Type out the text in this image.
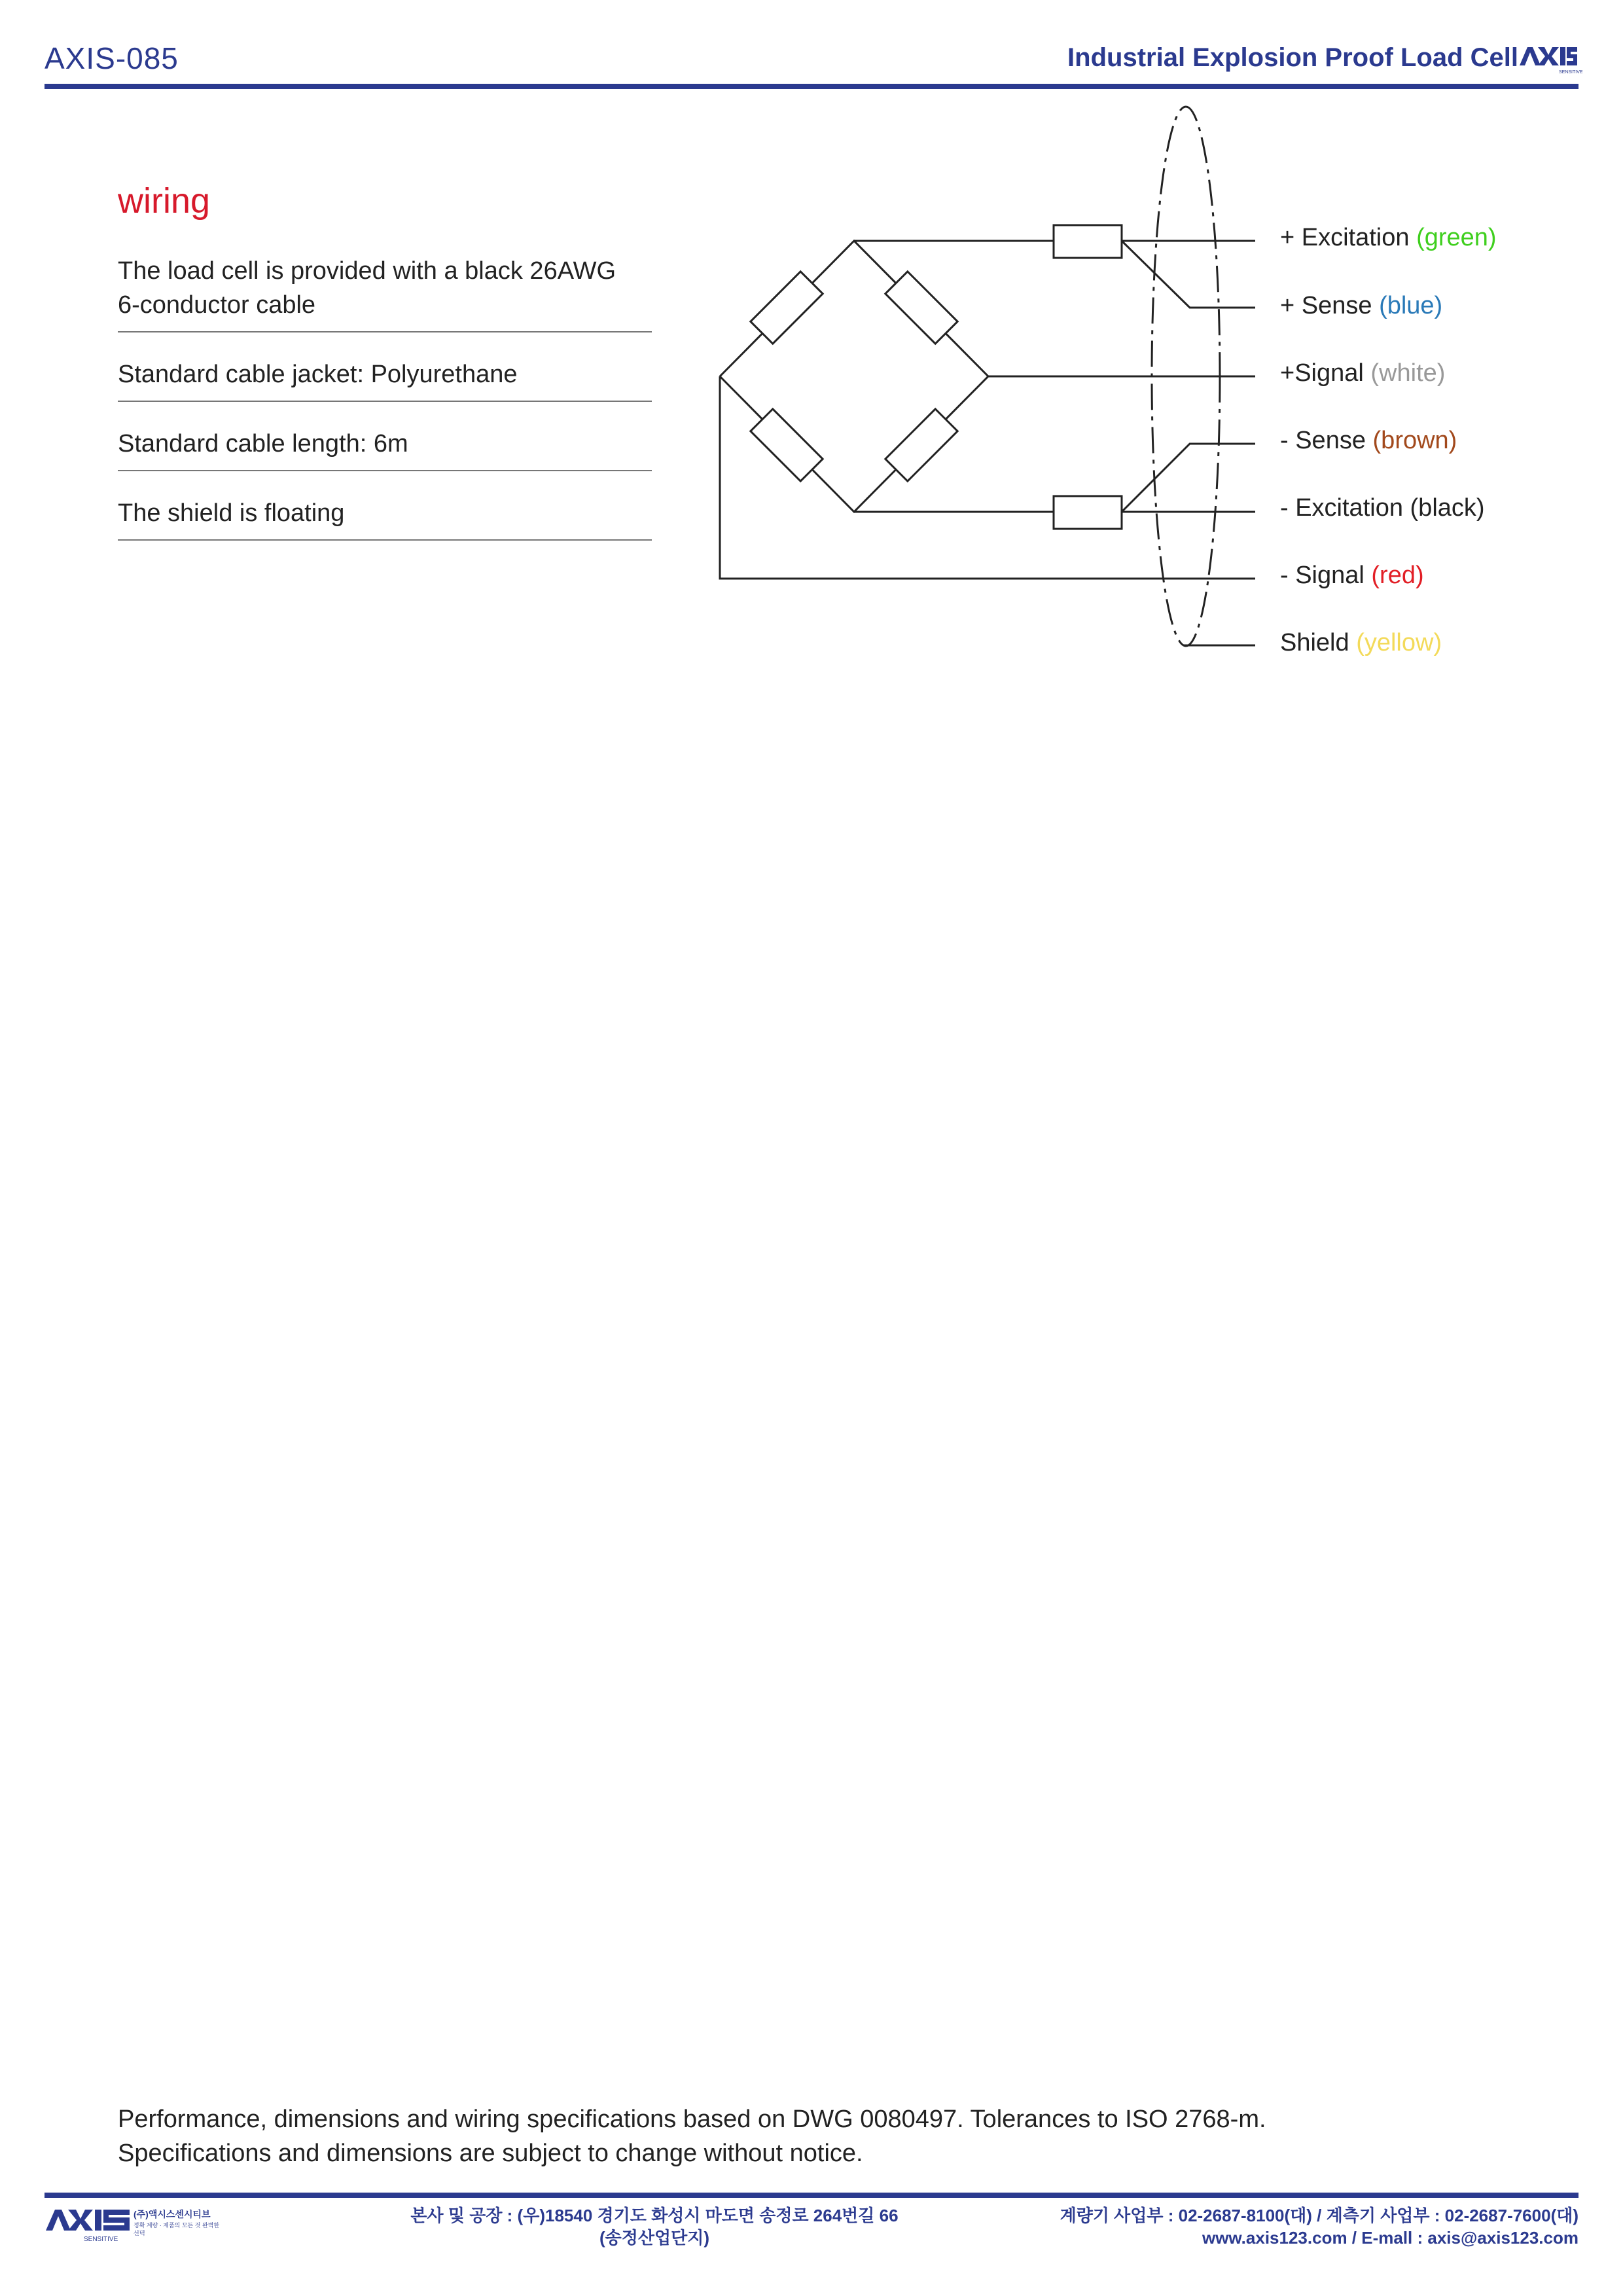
AXIS-085	Industrial Explosion Proof Load Cell
SENSITIVE
wiring
The load cell is provided with a black 26AWG
6-conductor cable
Standard cable jacket: Polyurethane
Standard cable length: 6m
The shield is floating
+ Excitation (green)
+ Sense (blue)
+Signal (white)
- Sense (brown)
- Excitation (black)
- Signal (red)
Shield (yellow)
Performance, dimensions and wiring specifications based on DWG 0080497. Tolerances to ISO 2768-m.
Specifications and dimensions are subject to change without notice.
SENSITIVE
(주)액시스센시티브
정확 계량 · 제품의 모든 것 완벽한 선택
본사 및 공장 : (우)18540 경기도 화성시 마도면 송정로 264번길 66
(송정산업단지)
계량기 사업부 : 02-2687-8100(대) / 계측기 사업부 : 02-2687-7600(대)
www.axis123.com / E-mall : axis@axis123.com
